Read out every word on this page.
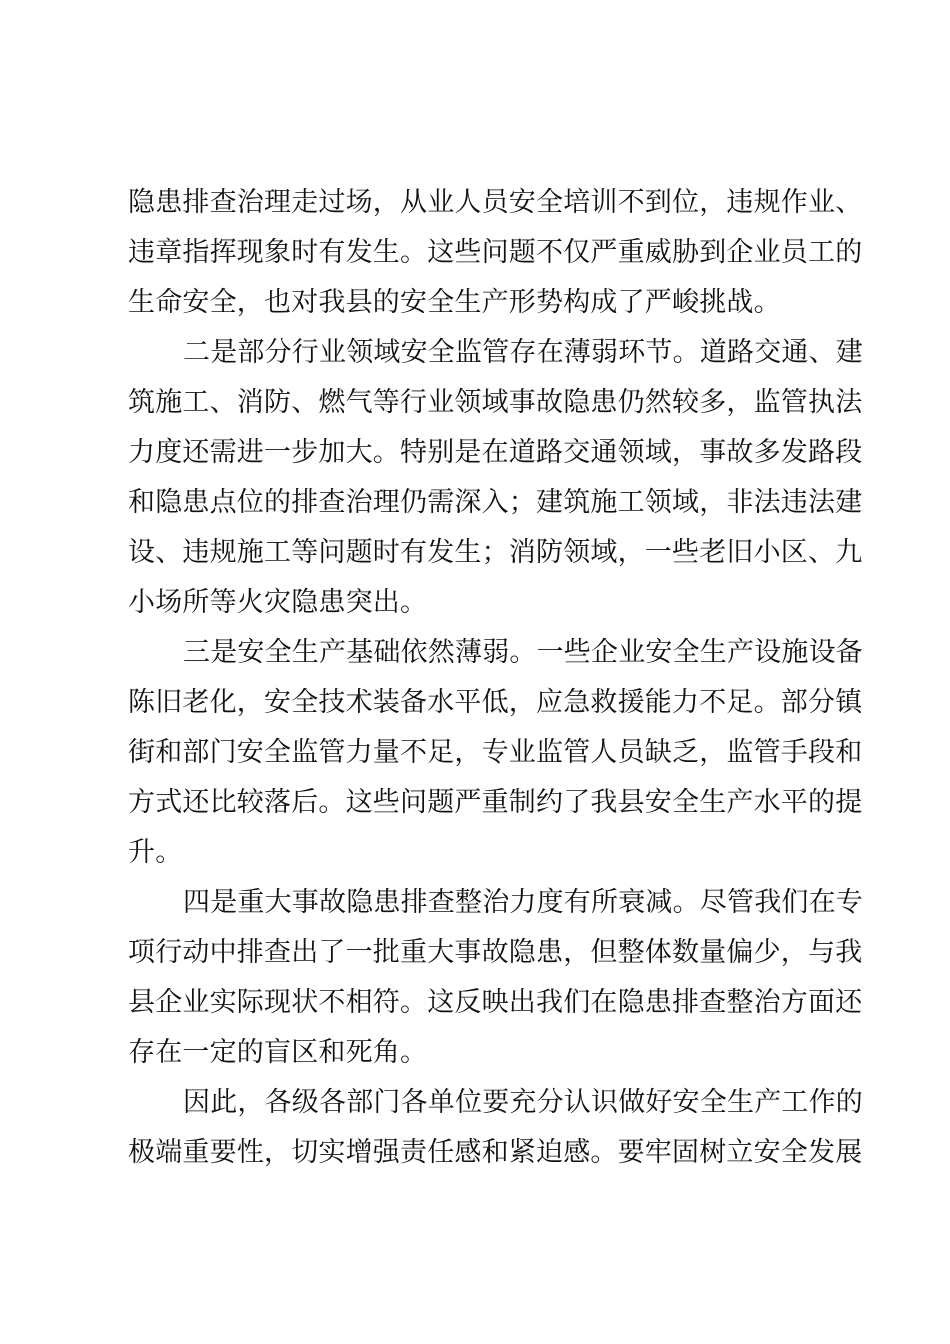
隐患排查治理走过场，从业人员安全培训不到位，违规作业、
违章指挥现象时有发生。这些问题不仅严重威胁到企业员工的
生命安全，也对我县的安全生产形势构成了严峻挑战。

二是部分行业领域安全监管存在薄弱环节。道路交通、建
筑施工、消防、燃气等行业领域事故隐患仍然较多，监管执法
力度还需进一步加大。特别是在道路交通领域，事故多发路段
和隐患点位的排查治理仍需深入；建筑施工领域，非法违法建
设、违规施工等问题时有发生；消防领域，一些老旧小区、九
小场所等火灾隐患突出。

三是安全生产基础依然薄弱。一些企业安全生产设施设备
陈旧老化，安全技术装备水平低，应急救援能力不足。部分镇
街和部门安全监管力量不足，专业监管人员缺乏，监管手段和
方式还比较落后。这些问题严重制约了我县安全生产水平的提
升。

四是重大事故隐患排查整治力度有所衰减。尽管我们在专
项行动中排查出了一批重大事故隐患，但整体数量偏少，与我
县企业实际现状不相符。这反映出我们在隐患排查整治方面还
存在一定的盲区和死角。

因此，各级各部门各单位要充分认识做好安全生产工作的
极端重要性，切实增强责任感和紧迫感。要牢固树立安全发展
